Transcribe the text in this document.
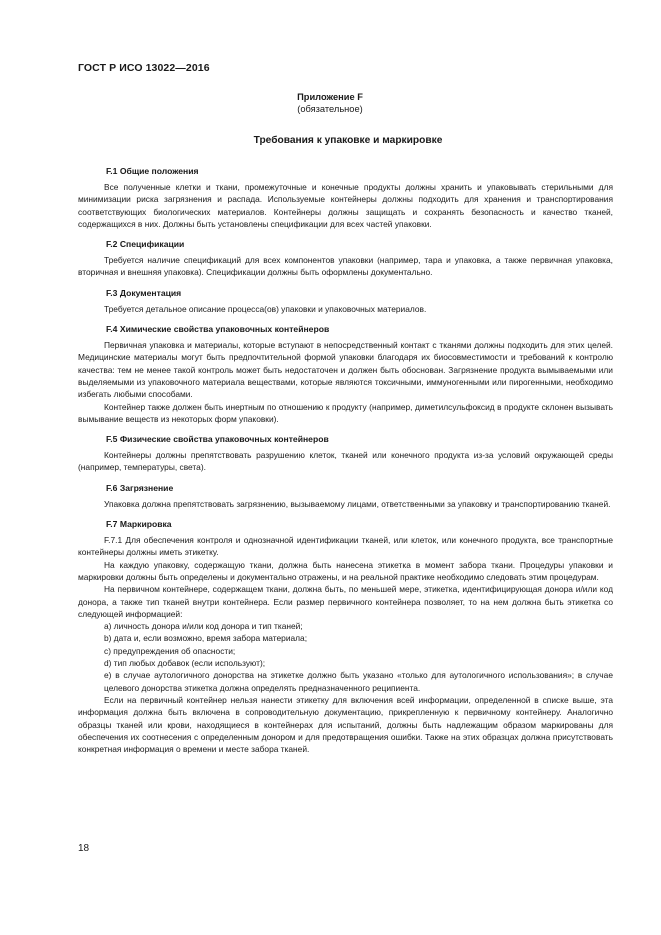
ГОСТ Р ИСО 13022—2016
Приложение F
(обязательное)
Требования к упаковке и маркировке
F.1 Общие положения

Все полученные клетки и ткани, промежуточные и конечные продукты должны хранить и упаковывать стерильными для минимизации риска загрязнения и распада. Используемые контейнеры должны подходить для хранения и транспортирования соответствующих биологических материалов. Контейнеры должны защищать и сохранять безопасность и качество тканей, содержащихся в них. Должны быть установлены спецификации для всех частей упаковки.

F.2 Спецификации

Требуется наличие спецификаций для всех компонентов упаковки (например, тара и упаковка, а также первичная упаковка, вторичная и внешняя упаковка). Спецификации должны быть оформлены документально.

F.3 Документация

Требуется детальное описание процесса(ов) упаковки и упаковочных материалов.

F.4 Химические свойства упаковочных контейнеров

Первичная упаковка и материалы, которые вступают в непосредственный контакт с тканями должны подходить для этих целей. Медицинские материалы могут быть предпочтительной формой упаковки благодаря их биосовместимости и требований к контролю качества: тем не менее такой контроль может быть недостаточен и должен быть обоснован. Загрязнение продукта вымываемыми или выделяемыми из упаковочного материала веществами, которые являются токсичными, иммуногенными или пирогенными, необходимо избегать любыми способами.

Контейнер также должен быть инертным по отношению к продукту (например, диметилсульфоксид в продукте склонен вызывать вымывание веществ из некоторых форм упаковки).

F.5 Физические свойства упаковочных контейнеров

Контейнеры должны препятствовать разрушению клеток, тканей или конечного продукта из-за условий окружающей среды (например, температуры, света).

F.6 Загрязнение

Упаковка должна препятствовать загрязнению, вызываемому лицами, ответственными за упаковку и транспортированию тканей.

F.7 Маркировка

F.7.1 Для обеспечения контроля и однозначной идентификации тканей, или клеток, или конечного продукта, все транспортные контейнеры должны иметь этикетку.

На каждую упаковку, содержащую ткани, должна быть нанесена этикетка в момент забора ткани. Процедуры упаковки и маркировки должны быть определены и документально отражены, и на реальной практике необходимо следовать этим процедурам.

На первичном контейнере, содержащем ткани, должна быть, по меньшей мере, этикетка, идентифицирующая донора и/или код донора, а также тип тканей внутри контейнера. Если размер первичного контейнера позволяет, то на нем должна быть этикетка со следующей информацией:

a) личность донора и/или код донора и тип тканей;
b) дата и, если возможно, время забора материала;
c) предупреждения об опасности;
d) тип любых добавок (если используют);
e) в случае аутологичного донорства на этикетке должно быть указано «только для аутологичного использования»; в случае целевого донорства этикетка должна определять предназначенного реципиента.

Если на первичный контейнер нельзя нанести этикетку для включения всей информации, определенной в списке выше, эта информация должна быть включена в сопроводительную документацию, прикрепленную к первичному контейнеру. Аналогично образцы тканей или крови, находящиеся в контейнерах для испытаний, должны быть надлежащим образом маркированы для обеспечения их соотнесения с определенным донором и для предотвращения ошибки. Также на этих образцах должна присутствовать конкретная информация о времени и месте забора тканей.

18
